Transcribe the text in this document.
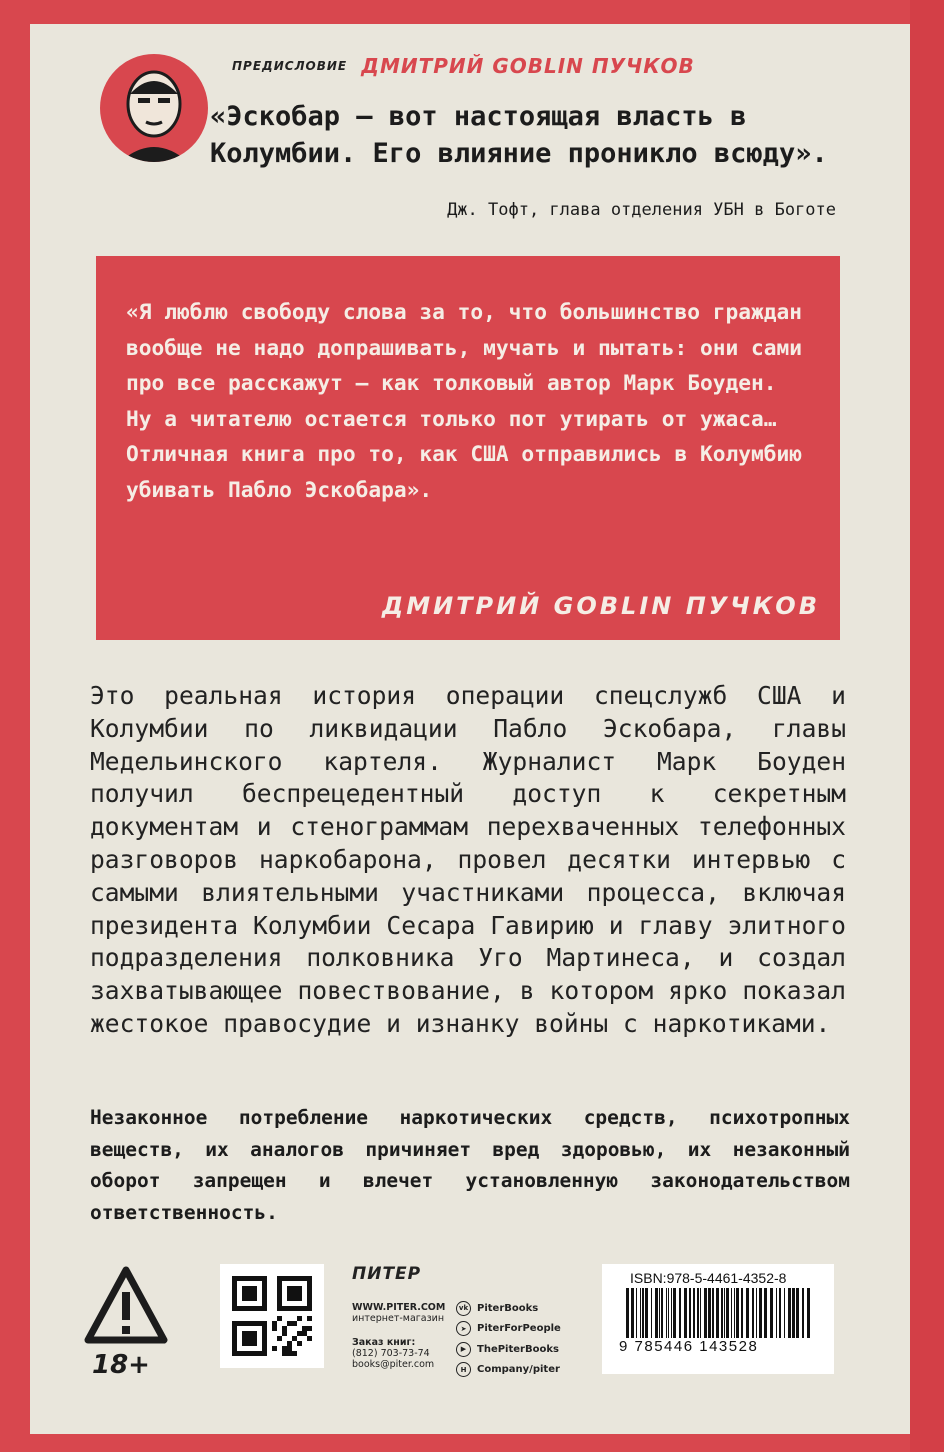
ПРЕДИСЛОВИЕ ДМИТРИЙ GOBLIN ПУЧКОВ
«Эскобар — вот настоящая власть в Колумбии. Его влияние проникло всюду».
Дж. Тофт, глава отделения УБН в Боготе
«Я люблю свободу слова за то, что большинство граждан вообще не надо допрашивать, мучать и пытать: они сами про все расскажут — как толковый автор Марк Боуден. Ну а читателю остается только пот утирать от ужаса… Отличная книга про то, как США отправились в Колумбию убивать Пабло Эскобара».
ДМИТРИЙ GOBLIN ПУЧКОВ
Это реальная история операции спецслужб США и Колумбии по ликвидации Пабло Эскобара, главы Медельинского картеля. Журналист Марк Боуден получил беспрецедентный доступ к секретным документам и стенограммам перехваченных телефонных разговоров наркобарона, провел десятки интервью с самыми влиятельными участниками процесса, включая президента Колумбии Сесара Гавирию и главу элитного подразделения полковника Уго Мартинеса, и создал захватывающее повествование, в котором ярко показал жестокое правосудие и изнанку войны с наркотиками.
Незаконное потребление наркотических средств, психотропных веществ, их аналогов причиняет вред здоровью, их незаконный оборот запрещен и влечет установленную законодательством ответственность.
18+
ПИТЕР
WWW.PITER.COM
интернет-магазин
Заказ книг:
(812) 703-73-74
books@piter.com
vk PiterBooks
➤	PiterForPeople
▶	ThePiterBooks
H	Company/piter
ISBN:978-5-4461-4352-8
9 785446 143528
